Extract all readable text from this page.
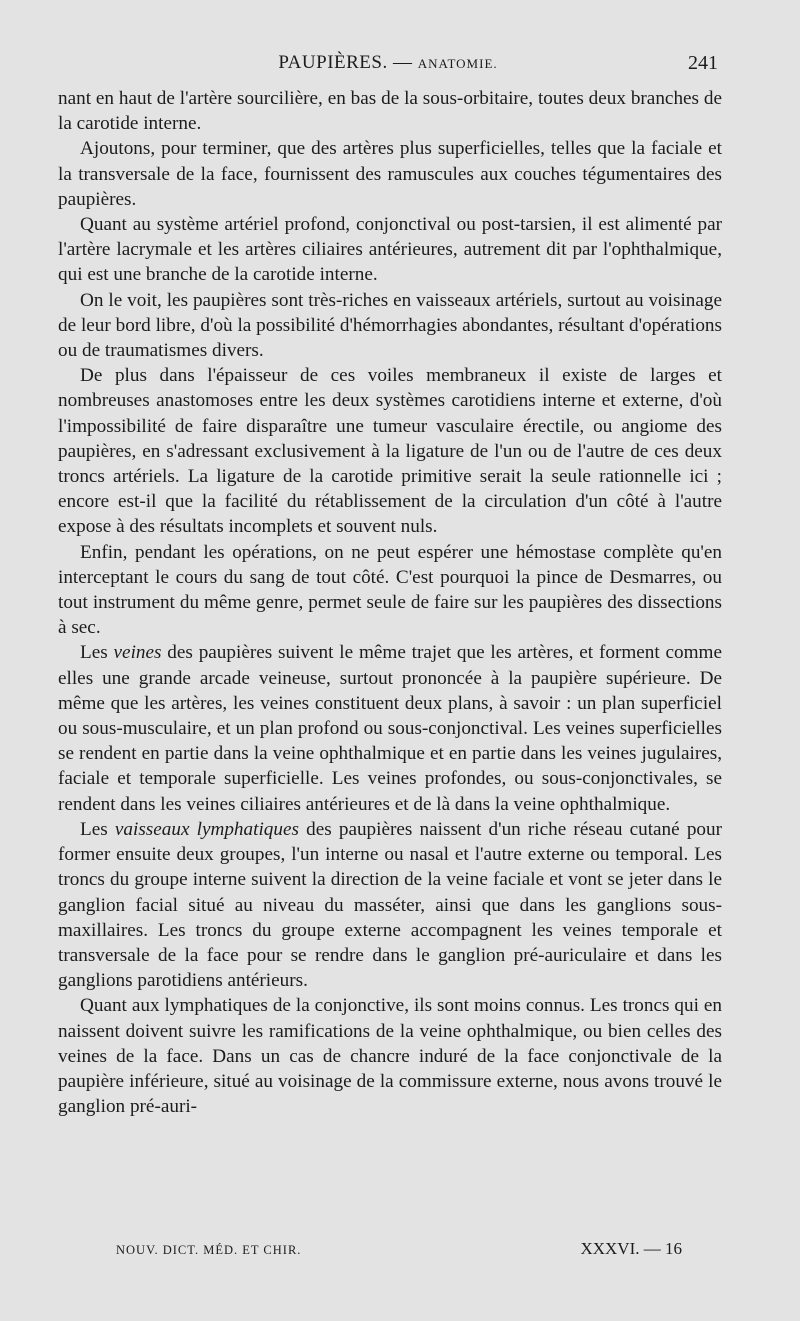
PAUPIÈRES. — ANATOMIE.	241

nant en haut de l'artère sourcilière, en bas de la sous-orbitaire, toutes deux branches de la carotide interne.

Ajoutons, pour terminer, que des artères plus superficielles, telles que la faciale et la transversale de la face, fournissent des ramuscules aux couches tégumentaires des paupières.

Quant au système artériel profond, conjonctival ou post-tarsien, il est alimenté par l'artère lacrymale et les artères ciliaires antérieures, autrement dit par l'ophthalmique, qui est une branche de la carotide interne.

On le voit, les paupières sont très-riches en vaisseaux artériels, surtout au voisinage de leur bord libre, d'où la possibilité d'hémorrhagies abondantes, résultant d'opérations ou de traumatismes divers.

De plus dans l'épaisseur de ces voiles membraneux il existe de larges et nombreuses anastomoses entre les deux systèmes carotidiens interne et externe, d'où l'impossibilité de faire disparaître une tumeur vasculaire érectile, ou angiome des paupières, en s'adressant exclusivement à la ligature de l'un ou de l'autre de ces deux troncs artériels. La ligature de la carotide primitive serait la seule rationnelle ici ; encore est-il que la facilité du rétablissement de la circulation d'un côté à l'autre expose à des résultats incomplets et souvent nuls.

Enfin, pendant les opérations, on ne peut espérer une hémostase complète qu'en interceptant le cours du sang de tout côté. C'est pourquoi la pince de Desmarres, ou tout instrument du même genre, permet seule de faire sur les paupières des dissections à sec.

Les veines des paupières suivent le même trajet que les artères, et forment comme elles une grande arcade veineuse, surtout prononcée à la paupière supérieure. De même que les artères, les veines constituent deux plans, à savoir : un plan superficiel ou sous-musculaire, et un plan profond ou sous-conjonctival. Les veines superficielles se rendent en partie dans la veine ophthalmique et en partie dans les veines jugulaires, faciale et temporale superficielle. Les veines profondes, ou sous-conjonctivales, se rendent dans les veines ciliaires antérieures et de là dans la veine ophthalmique.

Les vaisseaux lymphatiques des paupières naissent d'un riche réseau cutané pour former ensuite deux groupes, l'un interne ou nasal et l'autre externe ou temporal. Les troncs du groupe interne suivent la direction de la veine faciale et vont se jeter dans le ganglion facial situé au niveau du masséter, ainsi que dans les ganglions sous-maxillaires. Les troncs du groupe externe accompagnent les veines temporale et transversale de la face pour se rendre dans le ganglion pré-auriculaire et dans les ganglions parotidiens antérieurs.

Quant aux lymphatiques de la conjonctive, ils sont moins connus. Les troncs qui en naissent doivent suivre les ramifications de la veine ophthalmique, ou bien celles des veines de la face. Dans un cas de chancre induré de la face conjonctivale de la paupière inférieure, situé au voisinage de la commissure externe, nous avons trouvé le ganglion pré-auri-

NOUV. DICT. MÉD. ET CHIR.	XXXVI. — 16
